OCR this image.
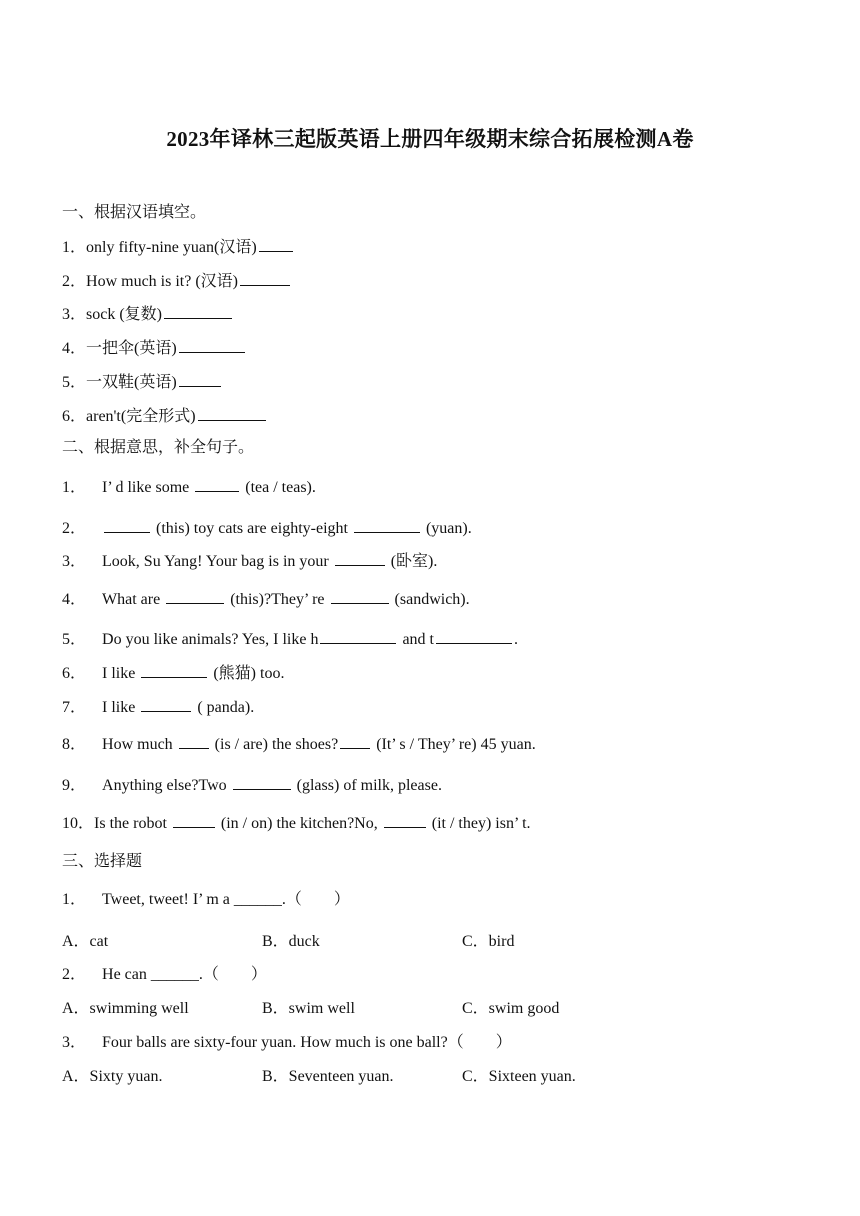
2023年译林三起版英语上册四年级期末综合拓展检测A卷
一、根据汉语填空。
1．only fifty-nine yuan(汉语)
2．How much is it? (汉语)
3．sock (复数)
4．一把伞(英语)
5．一双鞋(英语)
6．aren't(完全形式)
二、根据意思，补全句子。
1． I’ d like some	(tea / teas).
2．	(this) toy cats are eighty-eight	(yuan).
3． Look, Su Yang! Your bag is in your	(卧室).
4． What are	(this)?They’ re	(sandwich).
5． Do you like animals? Yes, I like h	and t	.
6． I like	(熊猫) too.
7． I like	( panda).
8． How much	(is / are) the shoes? (It’ s / They’ re) 45 yuan.
9． Anything else?Two	(glass) of milk, please.
10．Is the robot	(in / on) the kitchen?No,	(it / they) isn’ t.
三、选择题
1． Tweet, tweet! I’ m a ______.（　　）
A．cat	B．duck	C．bird
2． He can ______.（　　）
A．swimming well	B．swim well	C．swim good
3． Four balls are sixty-four yuan. How much is one ball?（　　）
A．Sixty yuan.	B．Seventeen yuan.	C．Sixteen yuan.
